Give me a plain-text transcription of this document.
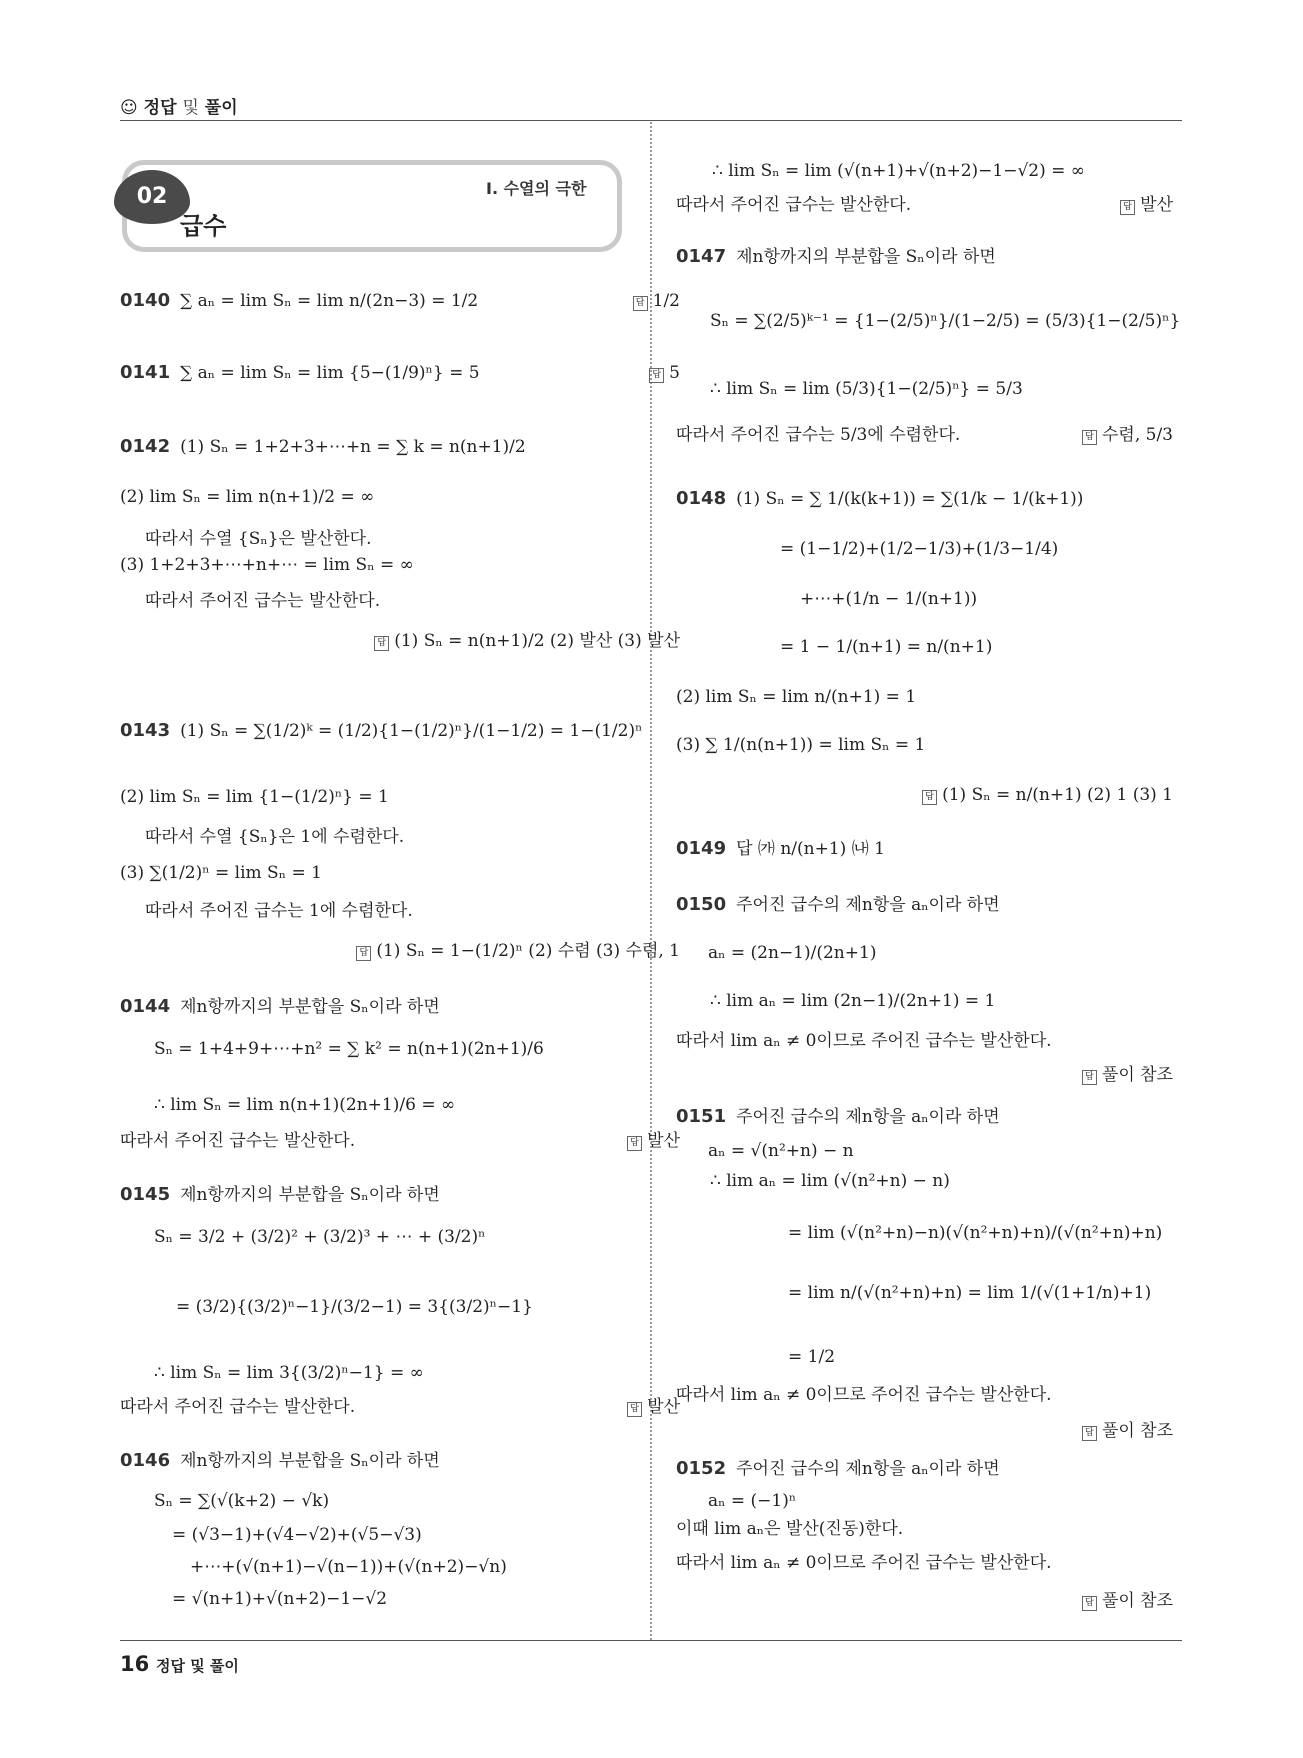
☺ 정답 및 풀이
02	Ⅰ. 수열의 극한
급수
0140 ∑ aₙ = lim Sₙ = lim n/(2n−3) = 1/2
0141 ∑ aₙ = lim Sₙ = lim {5−(1/9)ⁿ} = 5
0142 (1) Sₙ = 1+2+3+⋯+n = ∑ k = n(n+1)/2
(2) lim Sₙ = lim n(n+1)/2 = ∞
따라서 수열 {Sₙ}은 발산한다.
(3) 1+2+3+⋯+n+⋯ = lim Sₙ = ∞
따라서 주어진 급수는 발산한다.
0143 (1) Sₙ = ∑(1/2)ᵏ = (1/2){1−(1/2)ⁿ}/(1−1/2) = 1−(1/2)ⁿ
(2) lim Sₙ = lim {1−(1/2)ⁿ} = 1
따라서 수열 {Sₙ}은 1에 수렴한다.
(3) ∑(1/2)ⁿ = lim Sₙ = 1
따라서 주어진 급수는 1에 수렴한다.
0144 제n항까지의 부분합을 Sₙ이라 하면
Sₙ = 1+4+9+⋯+n² = ∑ k² = n(n+1)(2n+1)/6
∴ lim Sₙ = lim n(n+1)(2n+1)/6 = ∞
따라서 주어진 급수는 발산한다.
0145 제n항까지의 부분합을 Sₙ이라 하면
Sₙ = 3/2 + (3/2)² + (3/2)³ + ⋯ + (3/2)ⁿ
= (3/2){(3/2)ⁿ−1}/(3/2−1) = 3{(3/2)ⁿ−1}
∴ lim Sₙ = lim 3{(3/2)ⁿ−1} = ∞
따라서 주어진 급수는 발산한다.
0146 제n항까지의 부분합을 Sₙ이라 하면
Sₙ = ∑(√(k+2) − √k)
= (√3−1)+(√4−√2)+(√5−√3)
+⋯+(√(n+1)−√(n−1))+(√(n+2)−√n)
= √(n+1)+√(n+2)−1−√2
답 1/2
답 5
답 (1) Sₙ = n(n+1)/2 (2) 발산 (3) 발산
답 (1) Sₙ = 1−(1/2)ⁿ (2) 수렴 (3) 수렴, 1
답 발산
답 발산
∴ lim Sₙ = lim (√(n+1)+√(n+2)−1−√2) = ∞
따라서 주어진 급수는 발산한다.
0147 제n항까지의 부분합을 Sₙ이라 하면
Sₙ = ∑(2/5)ᵏ⁻¹ = {1−(2/5)ⁿ}/(1−2/5) = (5/3){1−(2/5)ⁿ}
∴ lim Sₙ = lim (5/3){1−(2/5)ⁿ} = 5/3
따라서 주어진 급수는 5/3에 수렴한다.
0148 (1) Sₙ = ∑ 1/(k(k+1)) = ∑(1/k − 1/(k+1))
= (1−1/2)+(1/2−1/3)+(1/3−1/4)
+⋯+(1/n − 1/(n+1))
= 1 − 1/(n+1) = n/(n+1)
(2) lim Sₙ = lim n/(n+1) = 1
(3) ∑ 1/(n(n+1)) = lim Sₙ = 1
0149 답 ㈎ n/(n+1) ㈏ 1
0150 주어진 급수의 제n항을 aₙ이라 하면
aₙ = (2n−1)/(2n+1)
∴ lim aₙ = lim (2n−1)/(2n+1) = 1
따라서 lim aₙ ≠ 0이므로 주어진 급수는 발산한다.
0151 주어진 급수의 제n항을 aₙ이라 하면
aₙ = √(n²+n) − n
∴ lim aₙ = lim (√(n²+n) − n)
= lim (√(n²+n)−n)(√(n²+n)+n)/(√(n²+n)+n)
= lim n/(√(n²+n)+n) = lim 1/(√(1+1/n)+1)
= 1/2
따라서 lim aₙ ≠ 0이므로 주어진 급수는 발산한다.
0152 주어진 급수의 제n항을 aₙ이라 하면
aₙ = (−1)ⁿ
이때 lim aₙ은 발산(진동)한다.
따라서 lim aₙ ≠ 0이므로 주어진 급수는 발산한다.
답 발산
답 수렴, 5/3
답 (1) Sₙ = n/(n+1) (2) 1 (3) 1
답 풀이 참조
답 풀이 참조
답 풀이 참조
16 정답 및 풀이
